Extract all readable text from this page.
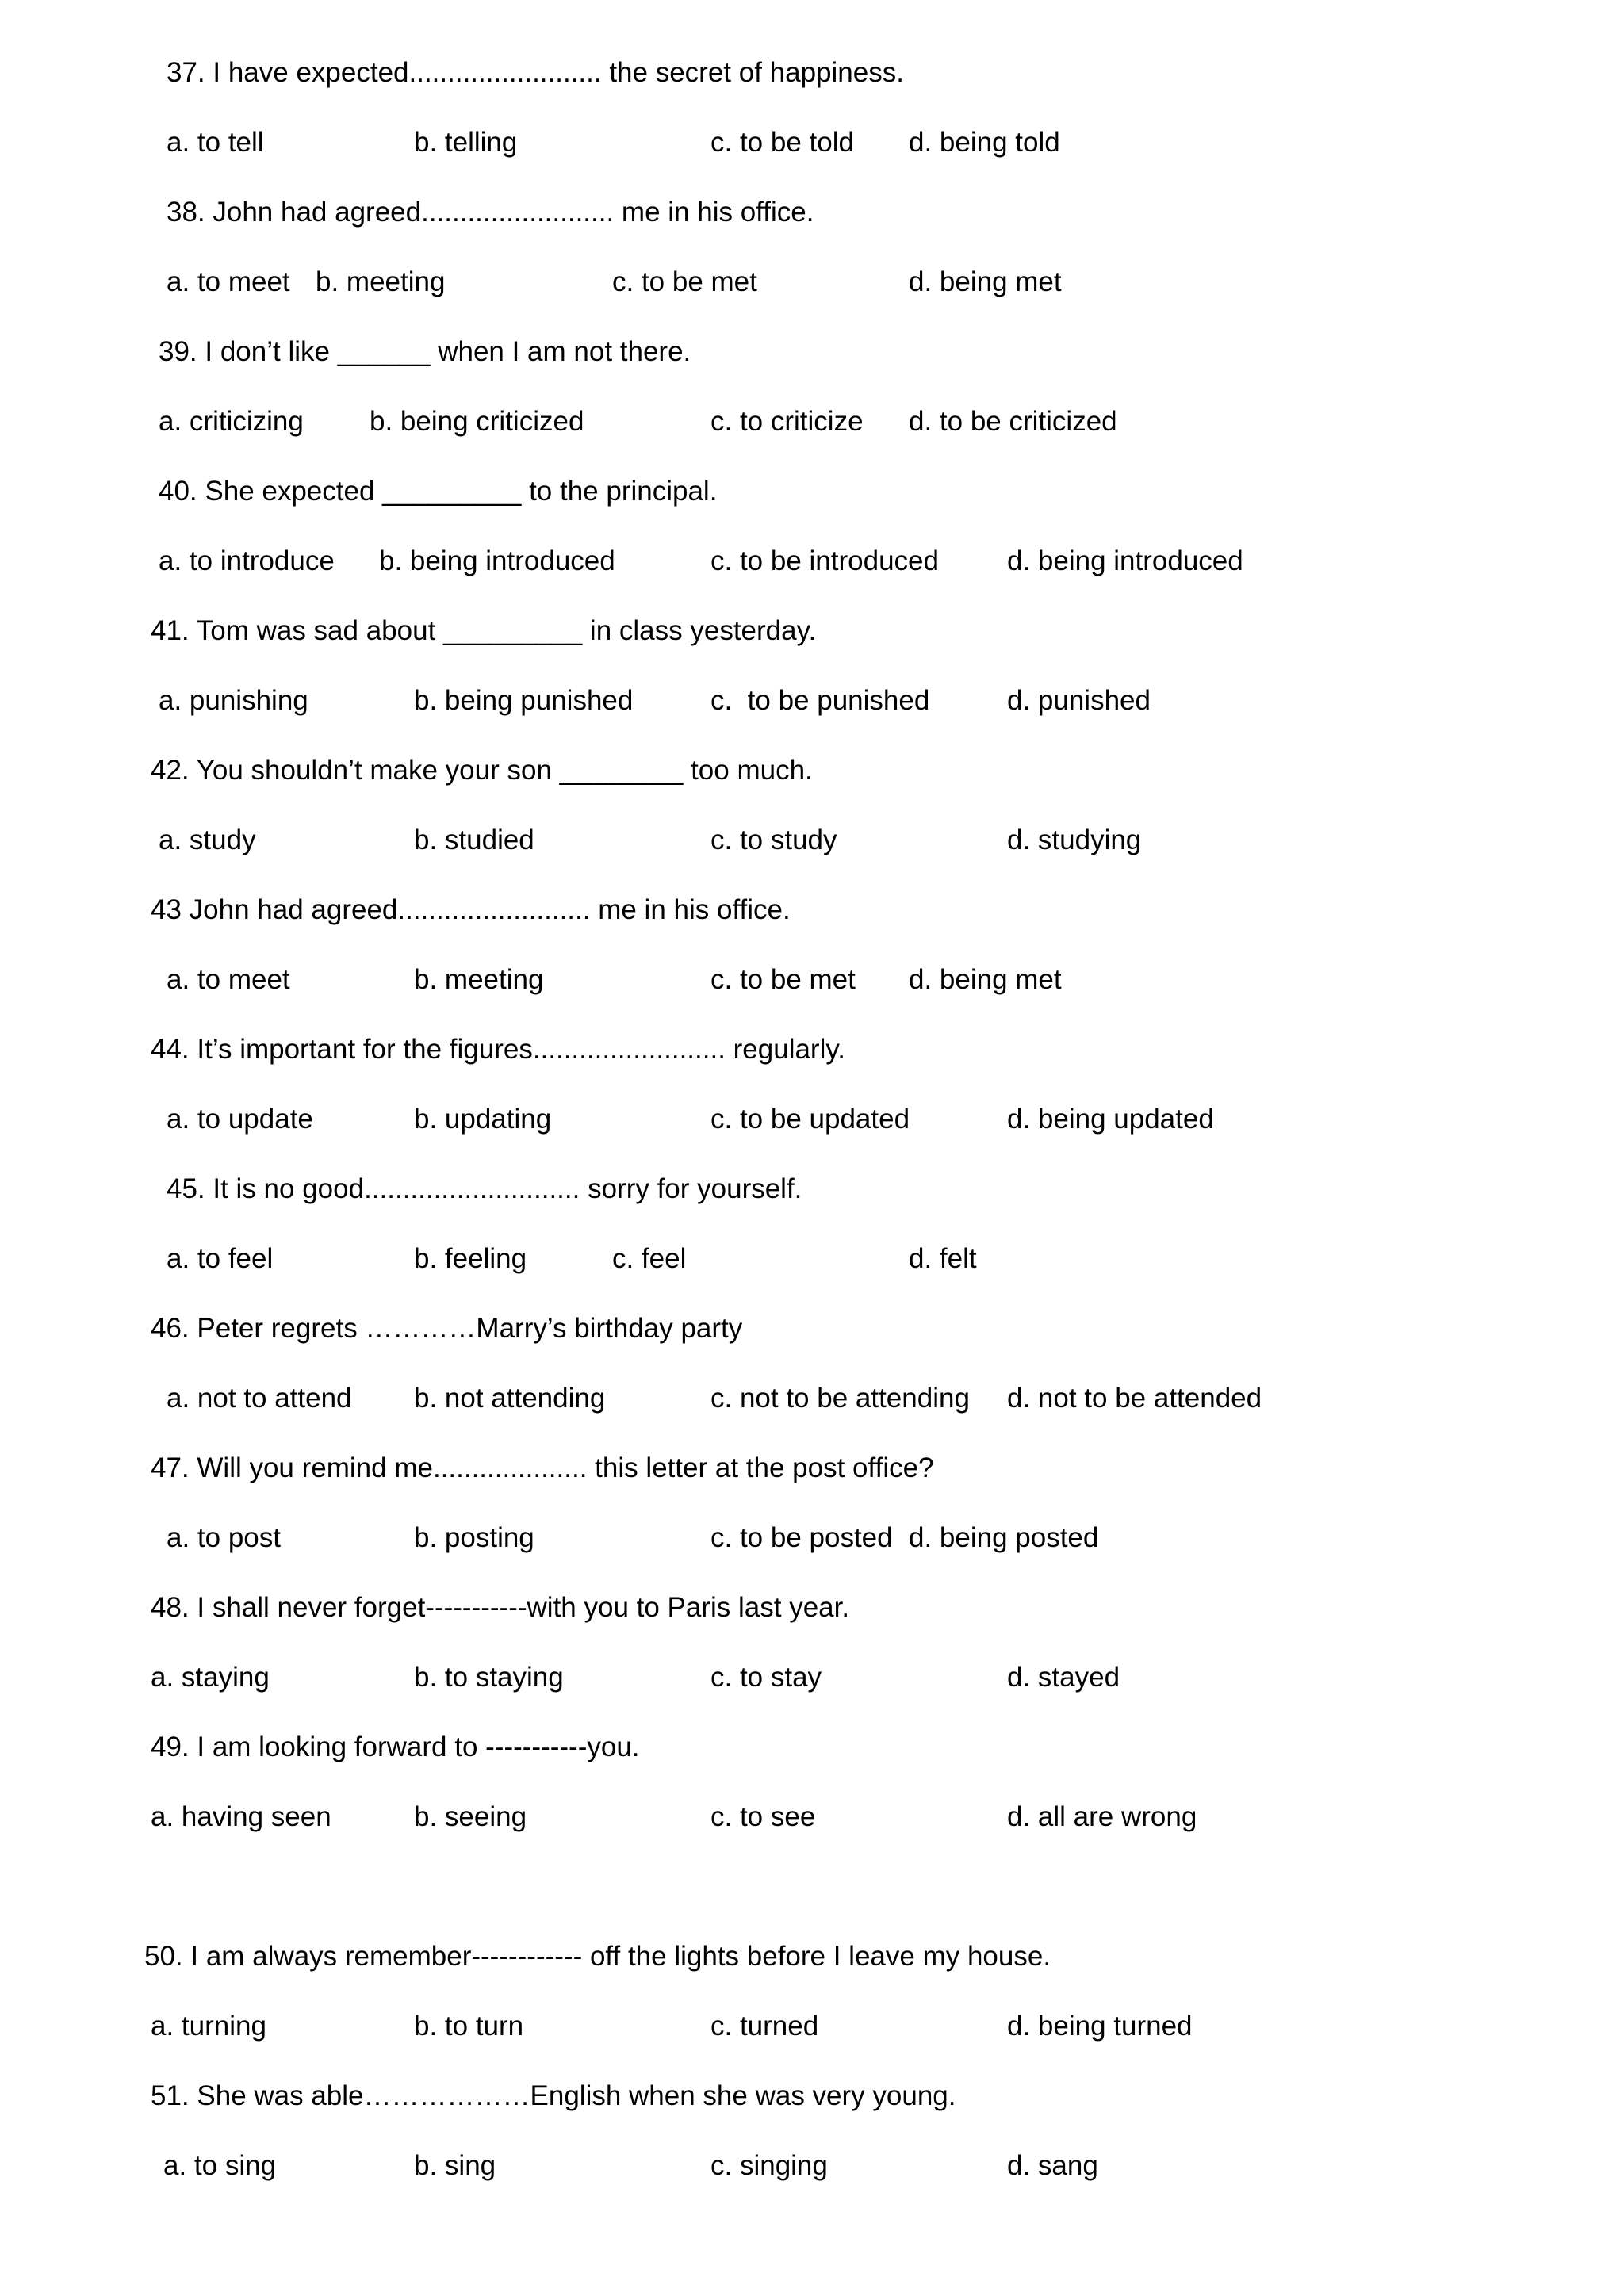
37. I have expected......................... the secret of happiness.
a. to tell	b. telling	c. to be told d. being told
38. John had agreed......................... me in his office.
a. to meet b. meeting	c. to be met	d. being met
39. I don’t like ______ when I am not there.
a. criticizing b. being criticized	c. to criticize d. to be criticized
40. She expected _________ to the principal.
a. to introduce b. being introduced	c. to be introduced d. being introduced
41. Tom was sad about _________ in class yesterday.
a. punishing	b. being punished	c.  to be punished	d. punished
42. You shouldn’t make your son ________ too much.
a. study	b. studied	c. to study	d. studying
43 John had agreed......................... me in his office.
a. to meet	b. meeting	c. to be met d. being met
44. It’s important for the figures......................... regularly.
a. to update	b. updating	c. to be updated	d. being updated
45. It is no good............................ sorry for yourself.
a. to feel	b. feeling	c. feel	d. felt
46. Peter regrets …………Marry’s birthday party
a. not to attend b. not attending	c. not to be attending d. not to be attended
47. Will you remind me.................... this letter at the post office?
a. to post	b. posting	c. to be posted d. being posted
48. I shall never forget-----------with you to Paris last year.
a. staying	b. to staying	c. to stay	d. stayed
49. I am looking forward to -----------you.
a. having seen	b. seeing	c. to see	d. all are wrong
50. I am always remember------------ off the lights before I leave my house.
a. turning	b. to turn	c. turned	d. being turned
51. She was able………………English when she was very young.
a. to sing	b. sing	c. singing	d. sang
